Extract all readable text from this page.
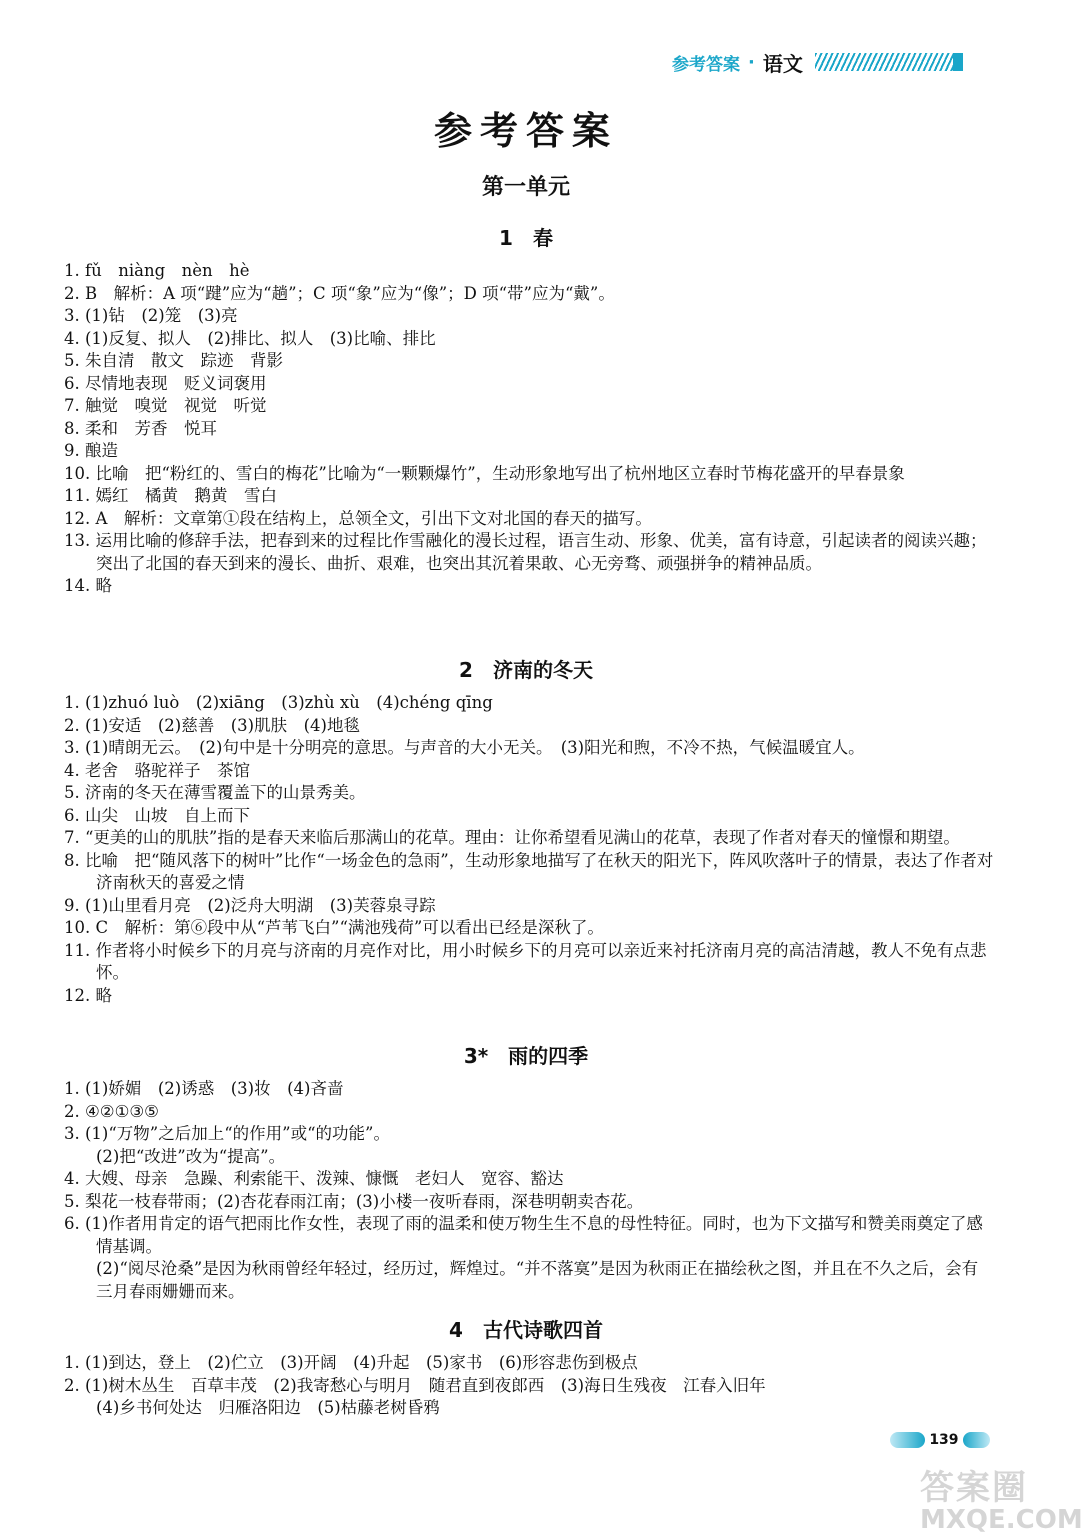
参考答案 · 语文
参考答案
第一单元
1　春
1. fǔ　niàng　nèn　hè
2. B　解析：A 项“踺”应为“趟”；C 项“象”应为“像”；D 项“带”应为“戴”。
3. (1)钻　(2)笼　(3)亮
4. (1)反复、拟人　(2)排比、拟人　(3)比喻、排比
5. 朱自清　散文　踪迹　背影
6. 尽情地表现　贬义词褒用
7. 触觉　嗅觉　视觉　听觉
8. 柔和　芳香　悦耳
9. 酿造
10. 比喻　把“粉红的、雪白的梅花”比喻为“一颗颗爆竹”，生动形象地写出了杭州地区立春时节梅花盛开的早春景象
11. 嫣红　橘黄　鹅黄　雪白
12. A　解析：文章第①段在结构上，总领全文，引出下文对北国的春天的描写。
13. 运用比喻的修辞手法，把春到来的过程比作雪融化的漫长过程，语言生动、形象、优美，富有诗意，引起读者的阅读兴趣；突出了北国的春天到来的漫长、曲折、艰难，也突出其沉着果敢、心无旁骛、顽强拼争的精神品质。
14. 略
2　济南的冬天
1. (1)zhuó luò　(2)xiāng　(3)zhù xù　(4)chéng qīng
2. (1)安适　(2)慈善　(3)肌肤　(4)地毯
3. (1)晴朗无云。　(2)句中是十分明亮的意思。与声音的大小无关。　(3)阳光和煦，不冷不热，气候温暖宜人。
4. 老舍　骆驼祥子　茶馆
5. 济南的冬天在薄雪覆盖下的山景秀美。
6. 山尖　山坡　自上而下
7. “更美的山的肌肤”指的是春天来临后那满山的花草。理由：让你希望看见满山的花草，表现了作者对春天的憧憬和期望。
8. 比喻　把“随风落下的树叶”比作“一场金色的急雨”，生动形象地描写了在秋天的阳光下，阵风吹落叶子的情景，表达了作者对济南秋天的喜爱之情
9. (1)山里看月亮　(2)泛舟大明湖　(3)芙蓉泉寻踪
10. C　解析：第⑥段中从“芦苇飞白”“满池残荷”可以看出已经是深秋了。
11. 作者将小时候乡下的月亮与济南的月亮作对比，用小时候乡下的月亮可以亲近来衬托济南月亮的高洁清越，教人不免有点悲怀。
12. 略
3*　雨的四季
1. (1)娇媚　(2)诱惑　(3)妆　(4)吝啬
2. ④②①③⑤
3. (1)“万物”之后加上“的作用”或“的功能”。
(2)把“改进”改为“提高”。
4. 大嫂、母亲　急躁、利索能干、泼辣、慷慨　老妇人　宽容、豁达
5. 梨花一枝春带雨；(2)杏花春雨江南；(3)小楼一夜听春雨，深巷明朝卖杏花。
6. (1)作者用肯定的语气把雨比作女性，表现了雨的温柔和使万物生生不息的母性特征。同时，也为下文描写和赞美雨奠定了感情基调。
(2)“阅尽沧桑”是因为秋雨曾经年轻过，经历过，辉煌过。“并不落寞”是因为秋雨正在描绘秋之图，并且在不久之后，会有三月春雨姗姗而来。
4　古代诗歌四首
1. (1)到达，登上　(2)伫立　(3)开阔　(4)升起　(5)家书　(6)形容悲伤到极点
2. (1)树木丛生　百草丰茂　(2)我寄愁心与明月　随君直到夜郎西　(3)海日生残夜　江春入旧年
(4)乡书何处达　归雁洛阳边　(5)枯藤老树昏鸦
139
答案圈
MXQE.COM
